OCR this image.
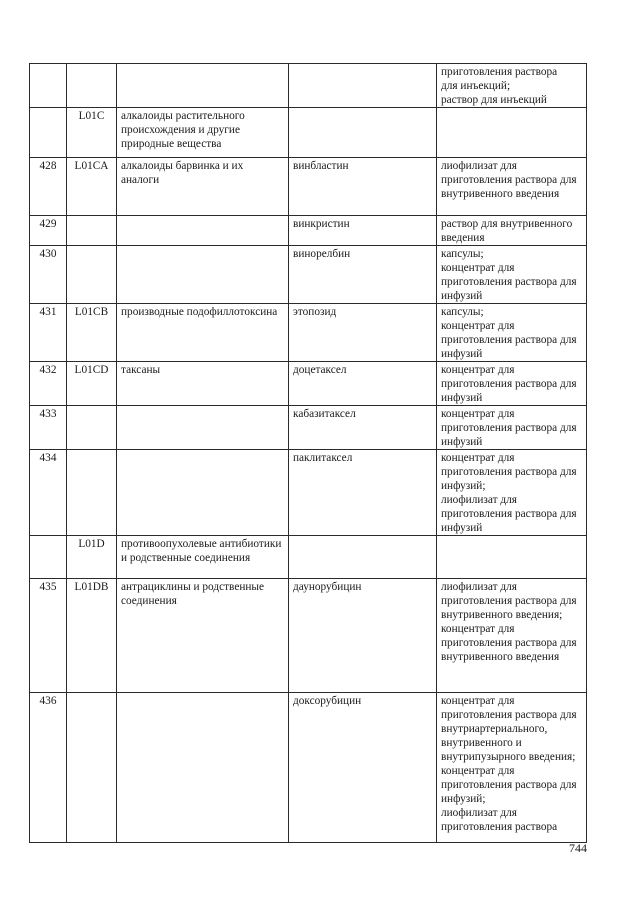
				приготовления раствора
для инъекций;
раствор для инъекций

	L01C	алкалоиды растительного происхождения и другие природные вещества		
428	L01CA	алкалоиды барвинка и их аналоги	винбластин	лиофилизат для приготовления раствора для внутривенного введения

429			винкристин	раствор для внутривенного введения

430			винорелбин	капсулы;
концентрат для приготовления раствора для инфузий

431	L01CB	производные подофиллотоксина	этопозид	капсулы;
концентрат для приготовления раствора для инфузий

432	L01CD	таксаны	доцетаксел	концентрат для приготовления раствора для инфузий

433			кабазитаксел	концентрат для приготовления раствора для инфузий

434			паклитаксел	концентрат для приготовления раствора для инфузий;
лиофилизат для приготовления раствора для инфузий

	L01D	противоопухолевые антибиотики и родственные соединения		
435	L01DB	антрациклины и родственные соединения	даунорубицин	лиофилизат для приготовления раствора для внутривенного введения;
концентрат для приготовления раствора для внутривенного введения

436			доксорубицин	концентрат для приготовления раствора для внутриартериального, внутривенного и внутрипузырного введения;
концентрат для приготовления раствора для инфузий;
лиофилизат для приготовления раствора
744
